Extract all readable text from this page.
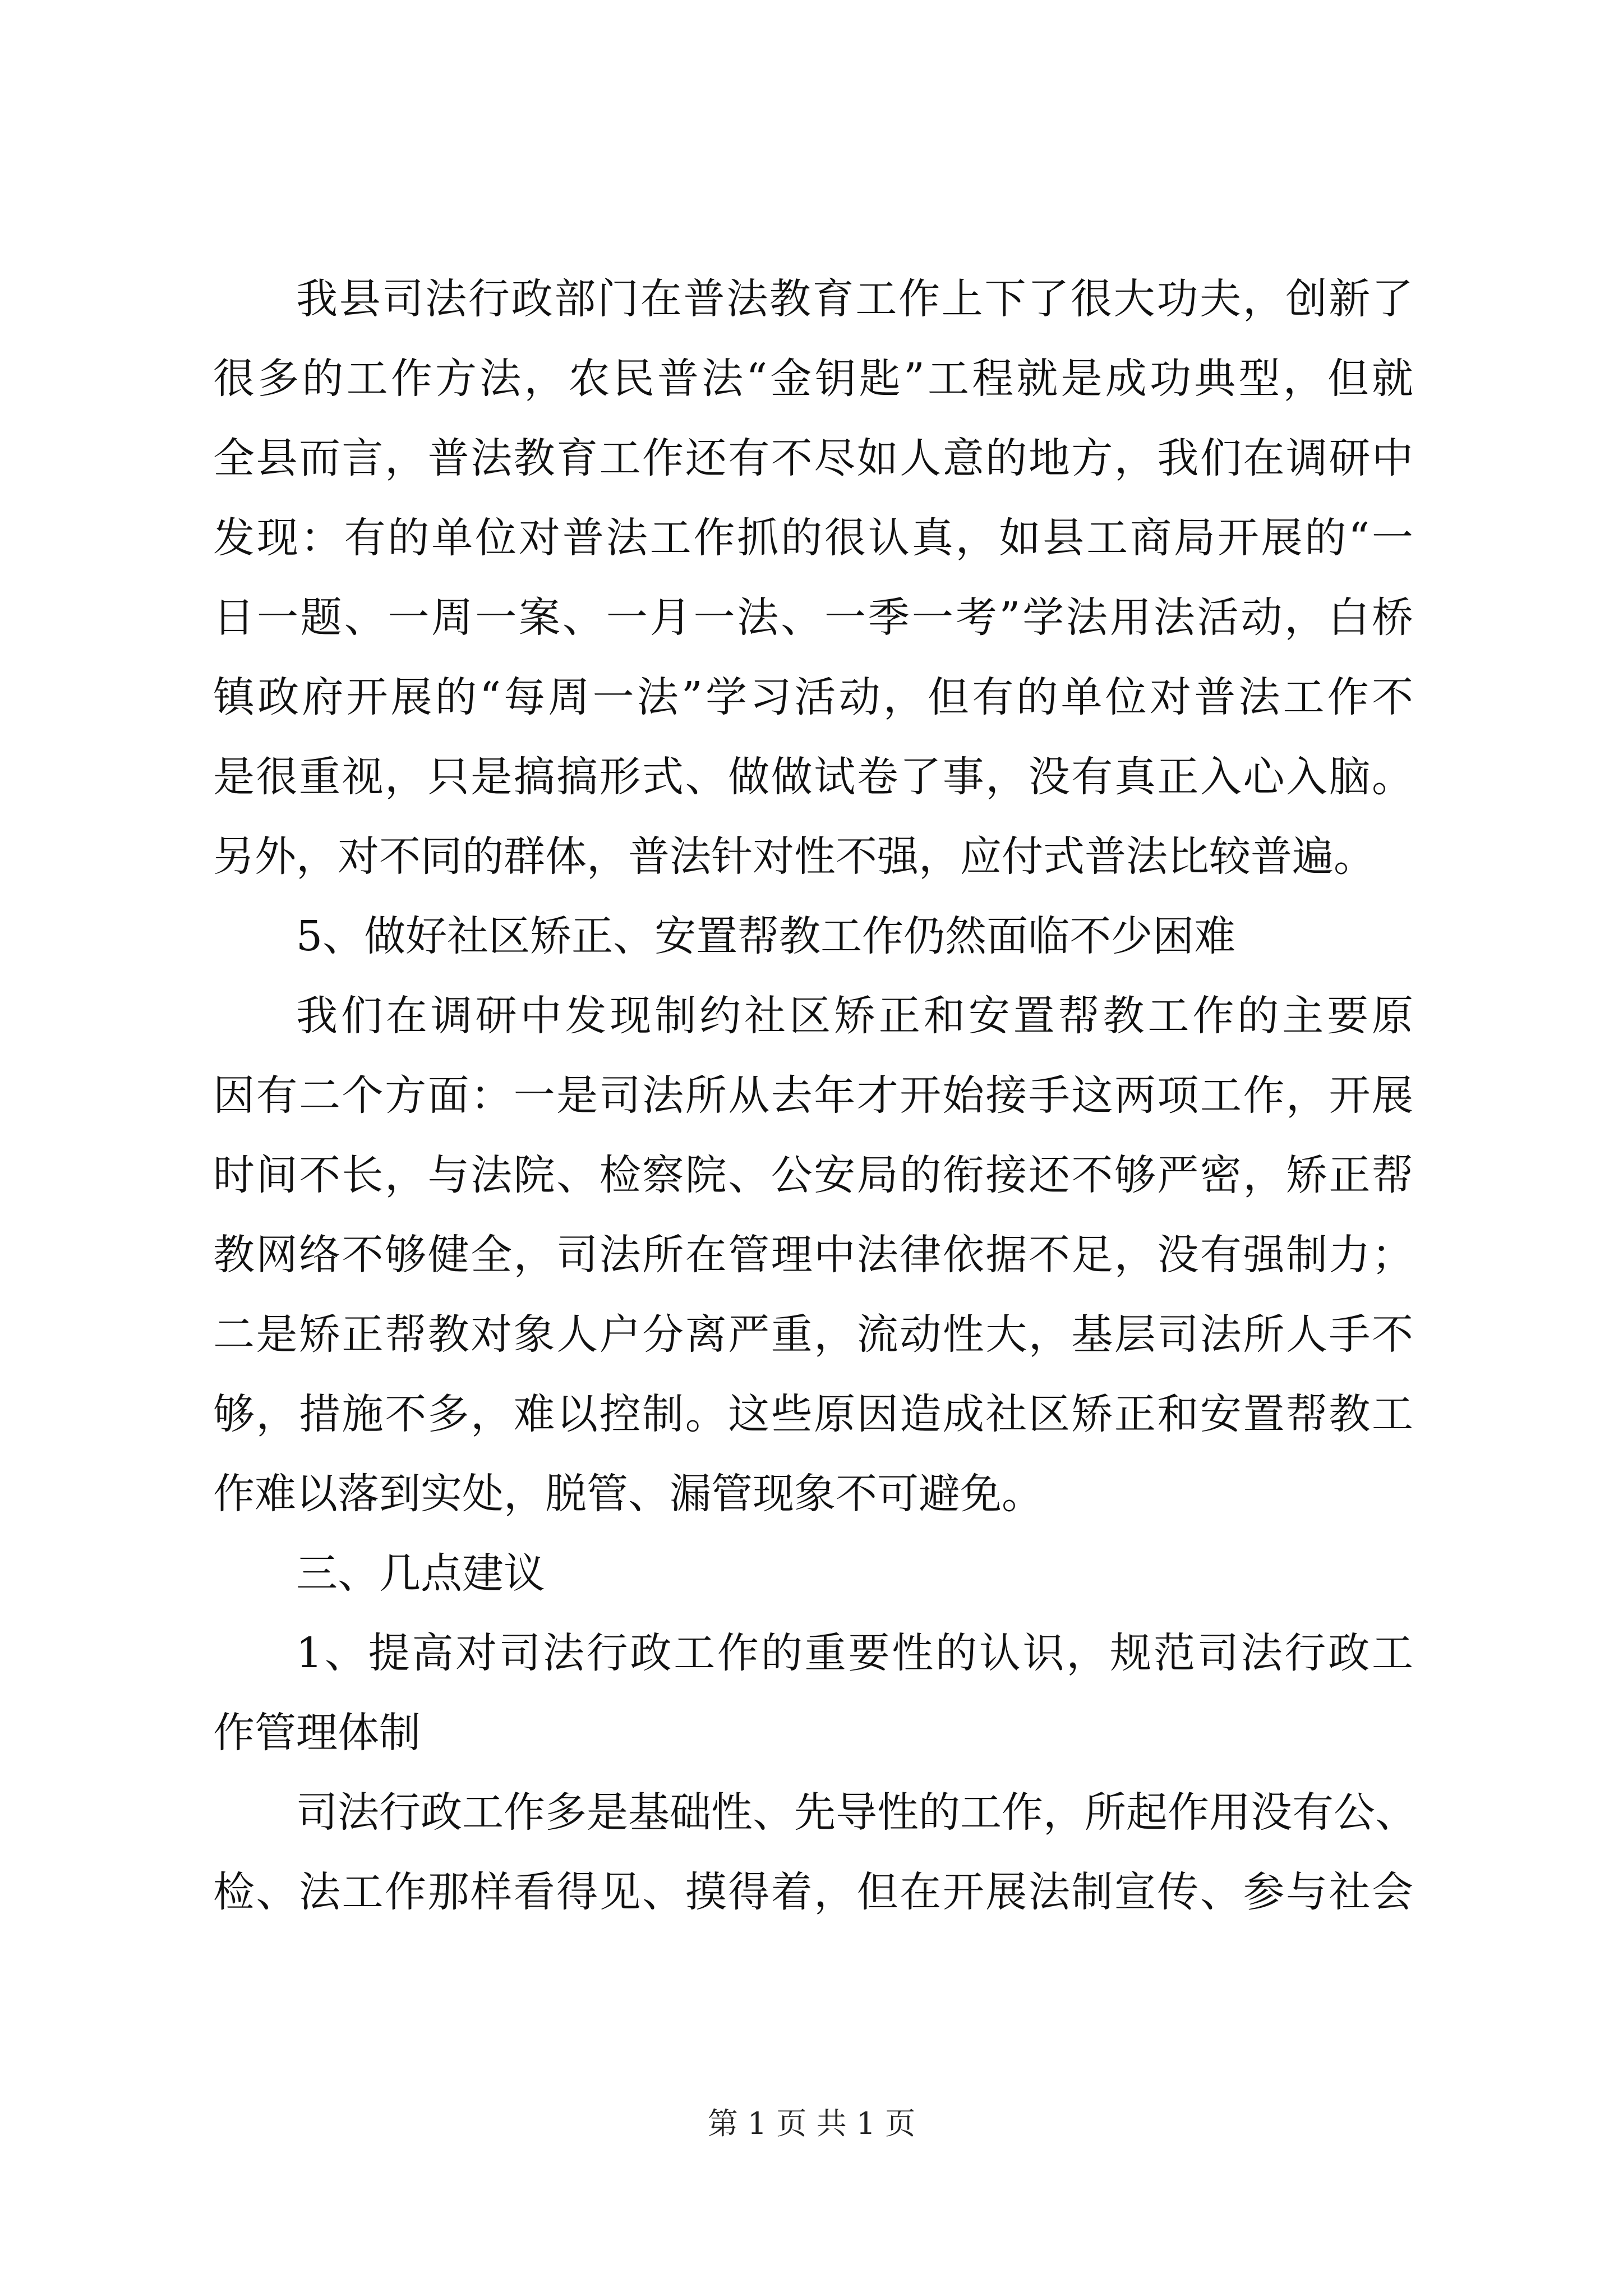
我县司法行政部门在普法教育工作上下了很大功夫，创新了
很多的工作方法，农民普法“金钥匙”工程就是成功典型，但就
全县而言，普法教育工作还有不尽如人意的地方，我们在调研中
发现：有的单位对普法工作抓的很认真，如县工商局开展的“一
日一题、一周一案、一月一法、一季一考”学法用法活动，白桥
镇政府开展的“每周一法”学习活动，但有的单位对普法工作不
是很重视，只是搞搞形式、做做试卷了事，没有真正入心入脑。
另外，对不同的群体，普法针对性不强，应付式普法比较普遍。
5、做好社区矫正、安置帮教工作仍然面临不少困难
我们在调研中发现制约社区矫正和安置帮教工作的主要原
因有二个方面：一是司法所从去年才开始接手这两项工作，开展
时间不长，与法院、检察院、公安局的衔接还不够严密，矫正帮
教网络不够健全，司法所在管理中法律依据不足，没有强制力；
二是矫正帮教对象人户分离严重，流动性大，基层司法所人手不
够，措施不多，难以控制。这些原因造成社区矫正和安置帮教工
作难以落到实处，脱管、漏管现象不可避免。
三、几点建议
1、提高对司法行政工作的重要性的认识，规范司法行政工
作管理体制
司法行政工作多是基础性、先导性的工作，所起作用没有公、
检、法工作那样看得见、摸得着，但在开展法制宣传、参与社会
第 1 页 共 1 页
